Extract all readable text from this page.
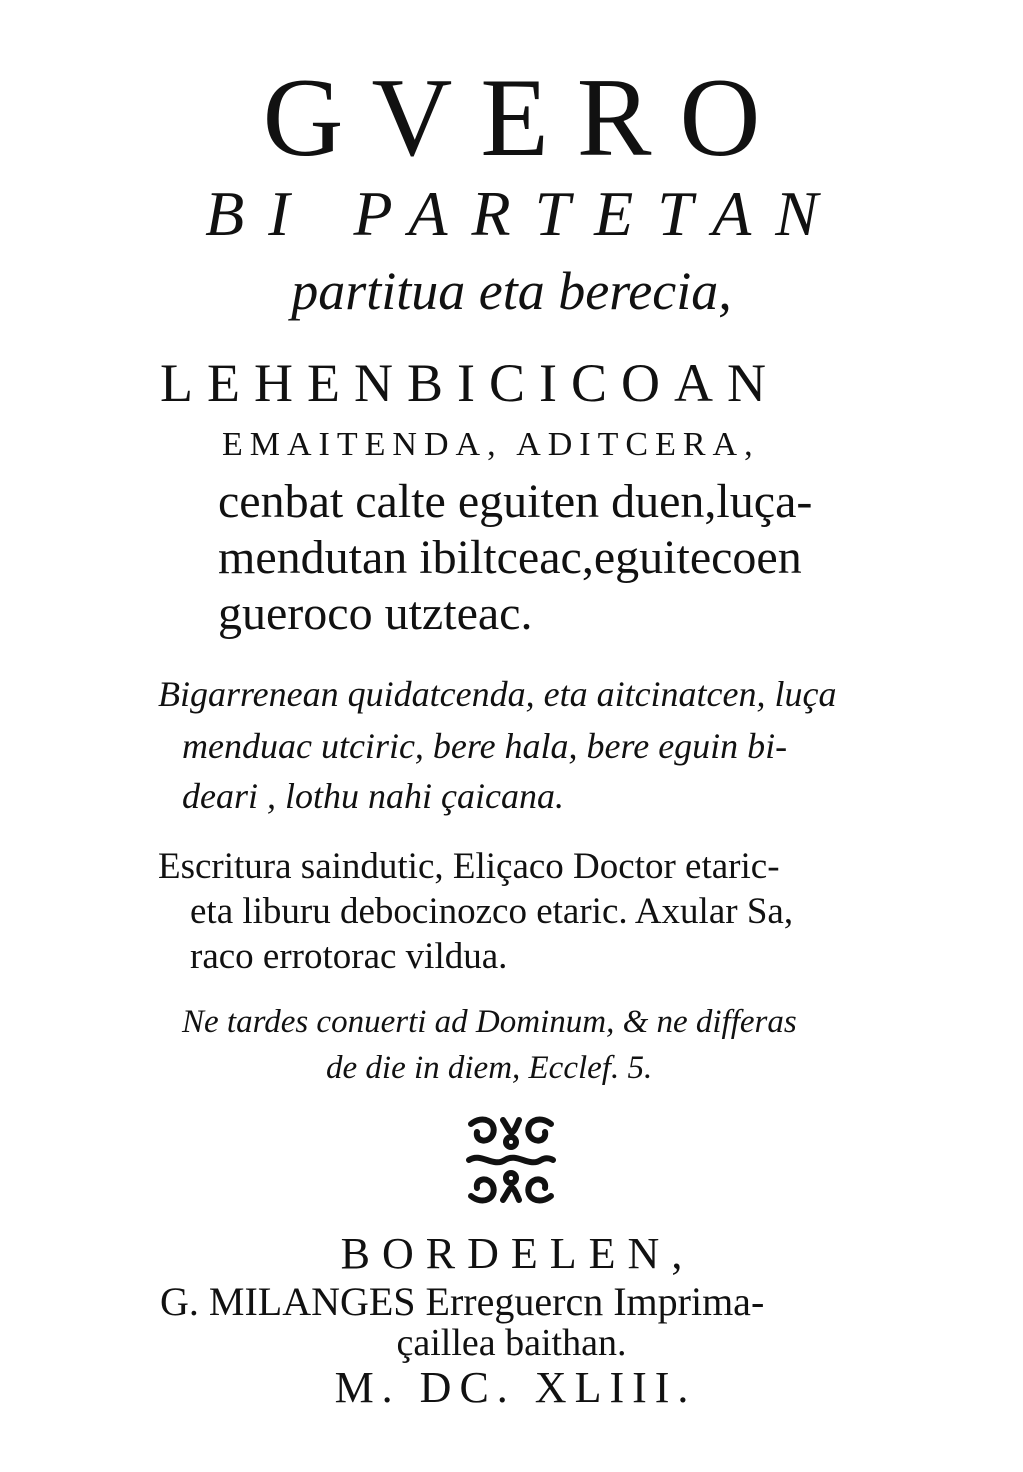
GVERO
BI PARTETAN
partitua eta berecia,
LEHENBICICOAN
EMAITENDA, ADITCERA,
cenbat calte eguiten duen,luça-
mendutan ibiltceac,eguitecoen
gueroco utzteac.
Bigarrenean quidatcenda, eta aitcinatcen, luça
menduac utciric, bere hala, bere eguin bi-
deari , lothu nahi çaicana.
Escritura saindutic, Eliçaco Doctor etaric-
eta liburu debocinozco etaric. Axular Sa,
raco errotorac vildua.
Ne tardes conuerti ad Dominum, & ne differas
de die in diem, Ecclef. 5.
BORDELEN,
G. MILANGES Erreguercn Imprima-
çaillea baithan.
M. DC. XLIII.
